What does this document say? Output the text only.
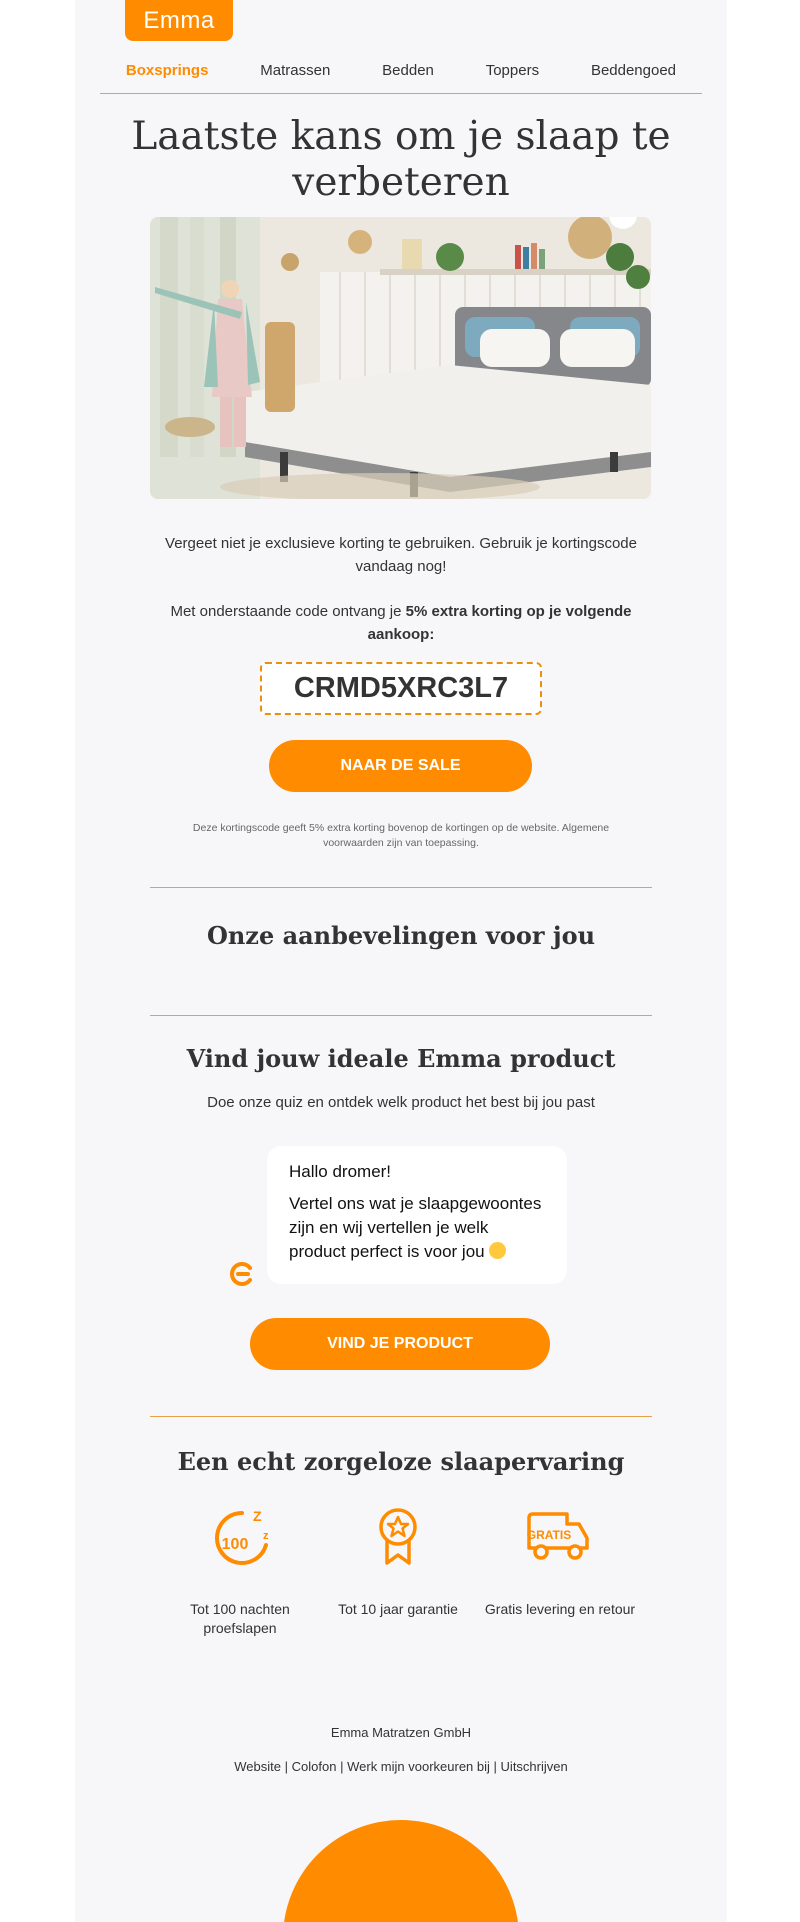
Emma
Boxsprings	Matrassen	Bedden	Toppers	Beddengoed
Laatste kans om je slaap te verbeteren

Vergeet niet je exclusieve korting te gebruiken. Gebruik je kortingscode vandaag nog!

Met onderstaande code ontvang je 5% extra korting op je volgende aankoop:

CRMD5XRC3L7
NAAR DE SALE

Deze kortingscode geeft 5% extra korting bovenop de kortingen op de website. Algemene voorwaarden zijn van toepassing.

Onze aanbevelingen voor jou
Vind jouw ideale Emma product

Doe onze quiz en ontdek welk product het best bij jou past

Hallo dromer!
Vertel ons wat je slaapgewoontes zijn en wij vertellen je welk product perfect is voor jou
VIND JE PRODUCT
Een echt zorgeloze slaapervaring
100
Z
z	GRATIS

Tot 100 nachten proefslapen

Tot 10 jaar garantie	Gratis levering en retour

Emma Matratzen GmbH

Website | Colofon | Werk mijn voorkeuren bij | Uitschrijven
